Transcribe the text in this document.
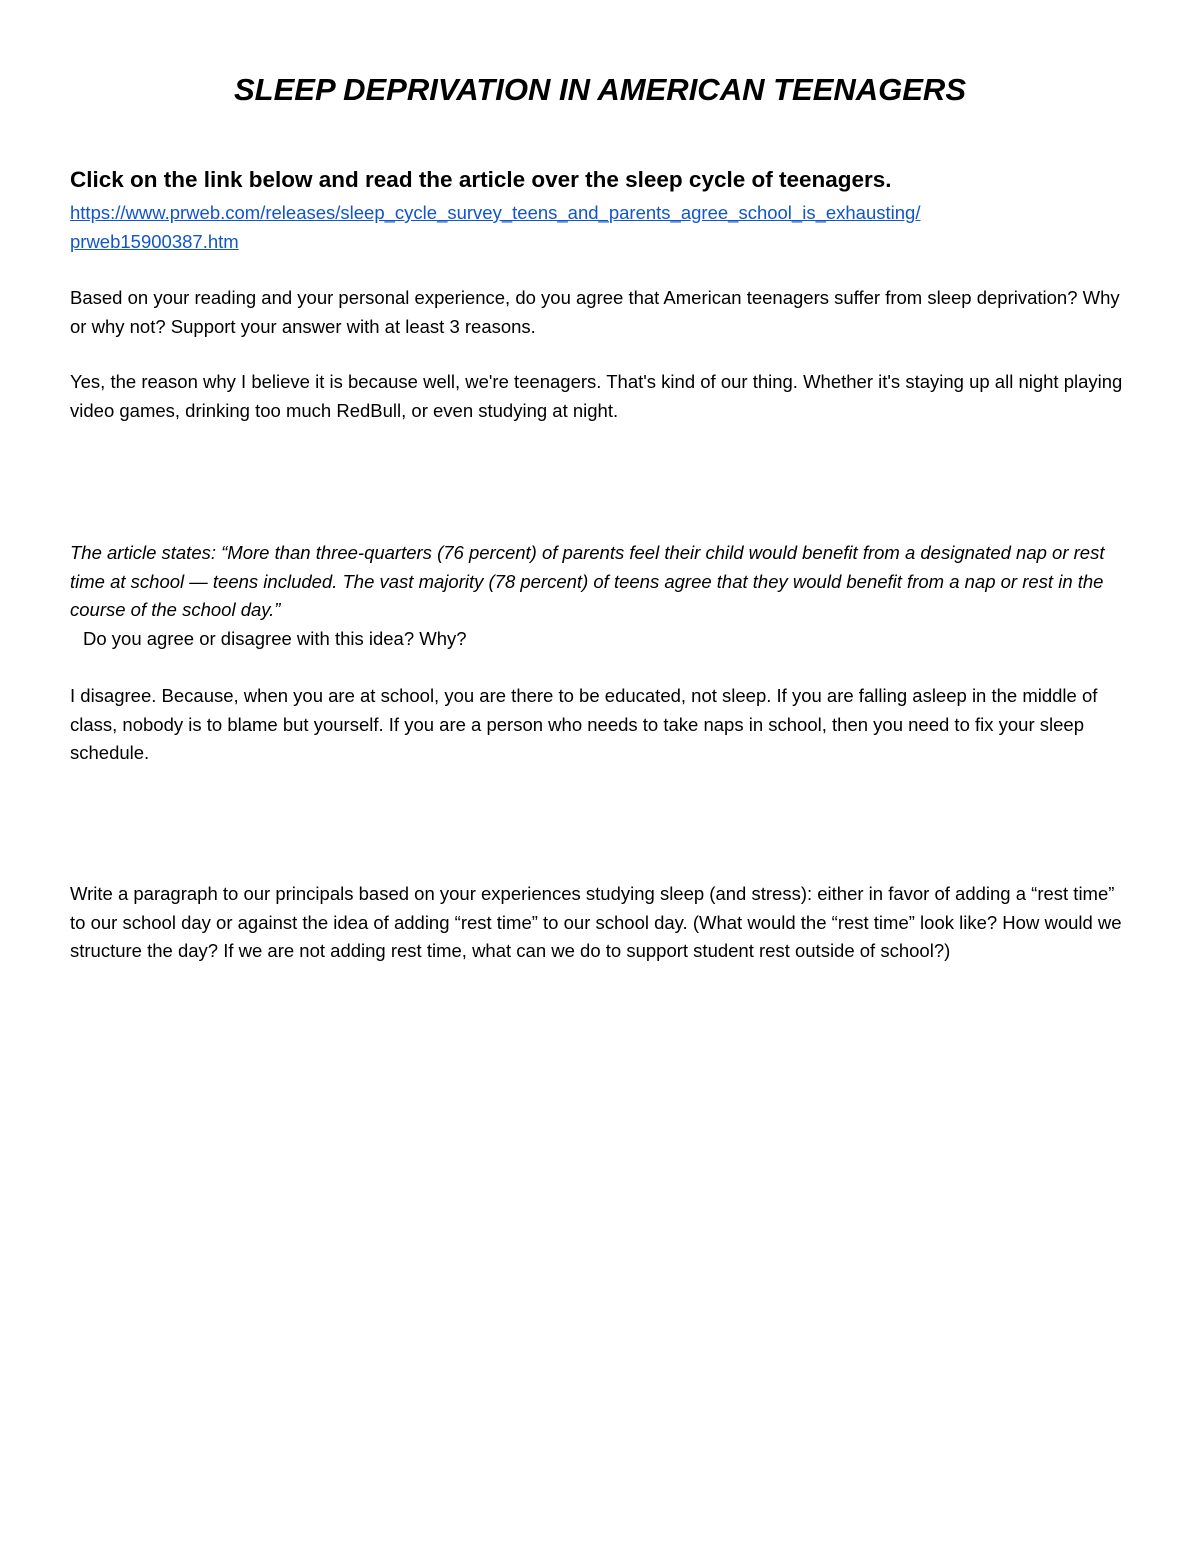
SLEEP DEPRIVATION IN AMERICAN TEENAGERS

Click on the link below and read the article over the sleep cycle of teenagers.

https://www.prweb.com/releases/sleep_cycle_survey_teens_and_parents_agree_school_is_exhausting/
prweb15900387.htm

Based on your reading and your personal experience, do you agree that American teenagers suffer from sleep deprivation? Why or why not? Support your answer with at least 3 reasons.

Yes, the reason why I believe it is because well, we're teenagers. That's kind of our thing. Whether it's staying up all night playing video games, drinking too much RedBull, or even studying at night.

The article states: “More than three-quarters (76 percent) of parents feel their child would benefit from a designated nap or rest time at school — teens included. The vast majority (78 percent) of teens agree that they would benefit from a nap or rest in the course of the school day.”
Do you agree or disagree with this idea? Why?

I disagree. Because, when you are at school, you are there to be educated, not sleep. If you are falling asleep in the middle of class, nobody is to blame but yourself. If you are a person who needs to take naps in school, then you need to fix your sleep schedule.

Write a paragraph to our principals based on your experiences studying sleep (and stress): either in favor of adding a “rest time” to our school day or against the idea of adding “rest time” to our school day. (What would the “rest time” look like? How would we structure the day? If we are not adding rest time, what can we do to support student rest outside of school?)
